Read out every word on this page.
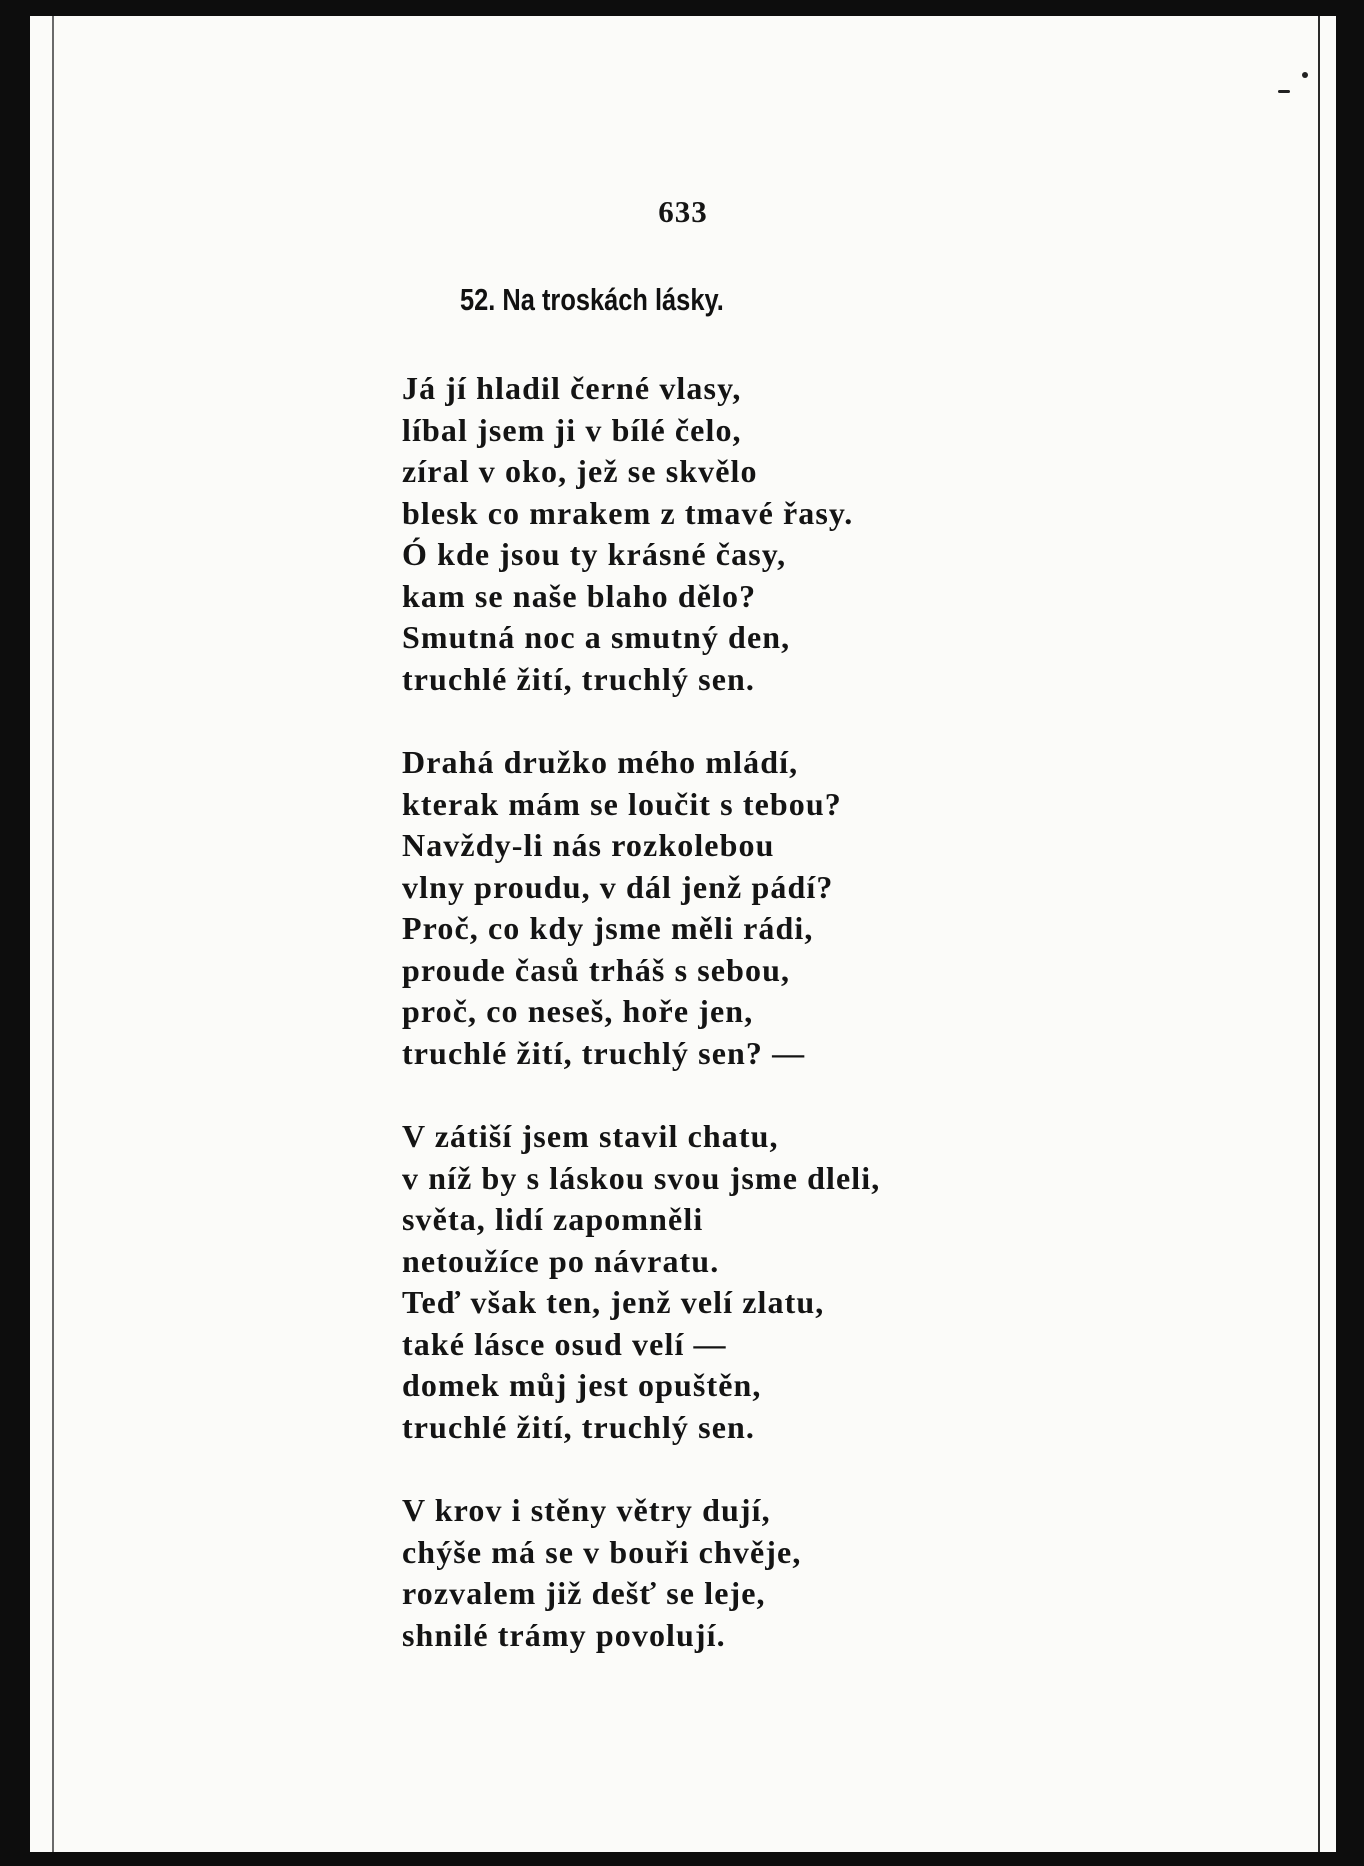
633
52. Na troskách lásky.
Já jí hladil černé vlasy,
líbal jsem ji v bílé čelo,
zíral v oko, jež se skvělo
blesk co mrakem z tmavé řasy.
Ó kde jsou ty krásné časy,
kam se naše blaho dělo?
Smutná noc a smutný den,
truchlé žití, truchlý sen.
Drahá družko mého mládí,
kterak mám se loučit s tebou?
Navždy-li nás rozkolebou
vlny proudu, v dál jenž pádí?
Proč, co kdy jsme měli rádi,
proude časů trháš s sebou,
proč, co neseš, hoře jen,
truchlé žití, truchlý sen? —
V zátiší jsem stavil chatu,
v níž by s láskou svou jsme dleli,
světa, lidí zapomněli
netoužíce po návratu.
Teď však ten, jenž velí zlatu,
také lásce osud velí —
domek můj jest opuštěn,
truchlé žití, truchlý sen.
V krov i stěny větry dují,
chýše má se v bouři chvěje,
rozvalem již dešť se leje,
shnilé trámy povolují.
